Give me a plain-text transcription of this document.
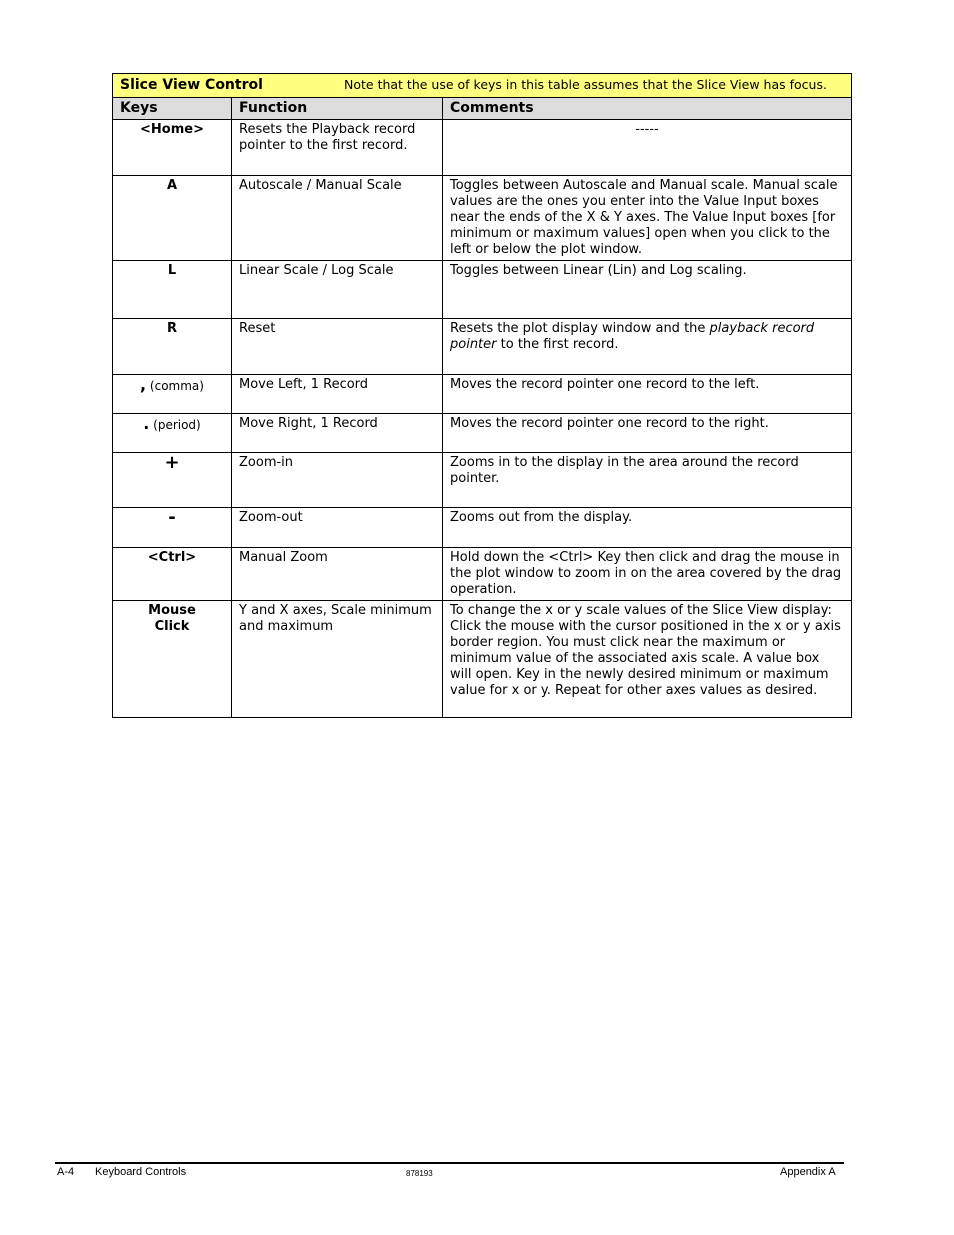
Slice View Control Note that the use of keys in this table assumes that the Slice View has focus.		
Keys	Function	Comments
<Home>	Resets the Playback record pointer to the first record.	-----
A	Autoscale / Manual Scale	Toggles between Autoscale and Manual scale. Manual scale values are the ones you enter into the Value Input boxes near the ends of the X & Y axes. The Value Input boxes [for minimum or maximum values] open when you click to the left or below the plot window.
L	Linear Scale / Log Scale	Toggles between Linear (Lin) and Log scaling.
R	Reset	Resets the plot display window and the playback record pointer to the first record.
, (comma)	Move Left, 1 Record	Moves the record pointer one record to the left.
. (period)	Move Right, 1 Record	Moves the record pointer one record to the right.
+	Zoom-in	Zooms in to the display in the area around the record pointer.
-	Zoom-out	Zooms out from the display.
<Ctrl>	Manual Zoom	Hold down the <Ctrl> Key then click and drag the mouse in the plot window to zoom in on the area covered by the drag operation.
Mouse
Click	Y and X axes, Scale minimum and maximum	To change the x or y scale values of the Slice View display: Click the mouse with the cursor positioned in the x or y axis border region. You must click near the maximum or minimum value of the associated axis scale. A value box will open. Key in the newly desired minimum or maximum value for x or y. Repeat for other axes values as desired.
A-4 Keyboard Controls	878193	Appendix A
